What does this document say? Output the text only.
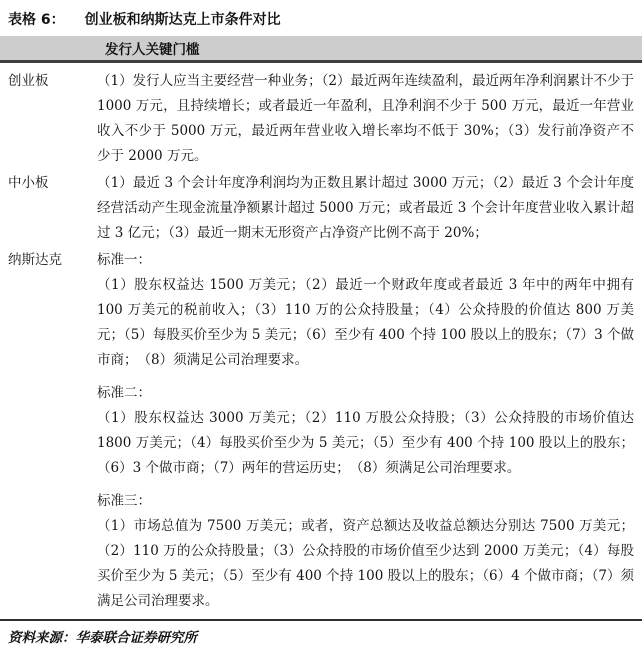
表格 6： 创业板和纳斯达克上市条件对比
发行人关键门槛
创业板	（1）发行人应当主要经营一种业务；（2）最近两年连续盈利，最近两年净利润累计不少于 1000 万元，且持续增长；或者最近一年盈利，且净利润不少于 500 万元，最近一年营业收入不少于 5000 万元，最近两年营业收入增长率均不低于 30%；（3）发行前净资产不少于 2000 万元。

中小板	（1）最近 3 个会计年度净利润均为正数且累计超过 3000 万元；（2）最近 3 个会计年度经营活动产生现金流量净额累计超过 5000 万元；或者最近 3 个会计年度营业收入累计超过 3 亿元；（3）最近一期末无形资产占净资产比例不高于 20%；

纳斯达克	标准一：

（1）股东权益达 1500 万美元；（2）最近一个财政年度或者最近 3 年中的两年中拥有 100 万美元的税前收入；（3）110 万的公众持股量；（4）公众持股的价值达 800 万美元；（5）每股买价至少为 5 美元；（6）至少有 400 个持 100 股以上的股东；（7）3 个做市商；　（8）须满足公司治理要求。

标准二：

（1）股东权益达 3000 万美元；（2）110 万股公众持股；（3）公众持股的市场价值达 1800 万美元；（4）每股买价至少为 5 美元；（5）至少有 400 个持 100 股以上的股东；（6）3 个做市商；（7）两年的营运历史；　（8）须满足公司治理要求。

标准三：

（1）市场总值为 7500 万美元；或者，资产总额达及收益总额达分别达 7500 万美元；（2）110 万的公众持股量；（3）公众持股的市场价值至少达到 2000 万美元；（4）每股买价至少为 5 美元；（5）至少有 400 个持 100 股以上的股东；（6）4 个做市商；（7）须满足公司治理要求。

资料来源：华泰联合证券研究所
